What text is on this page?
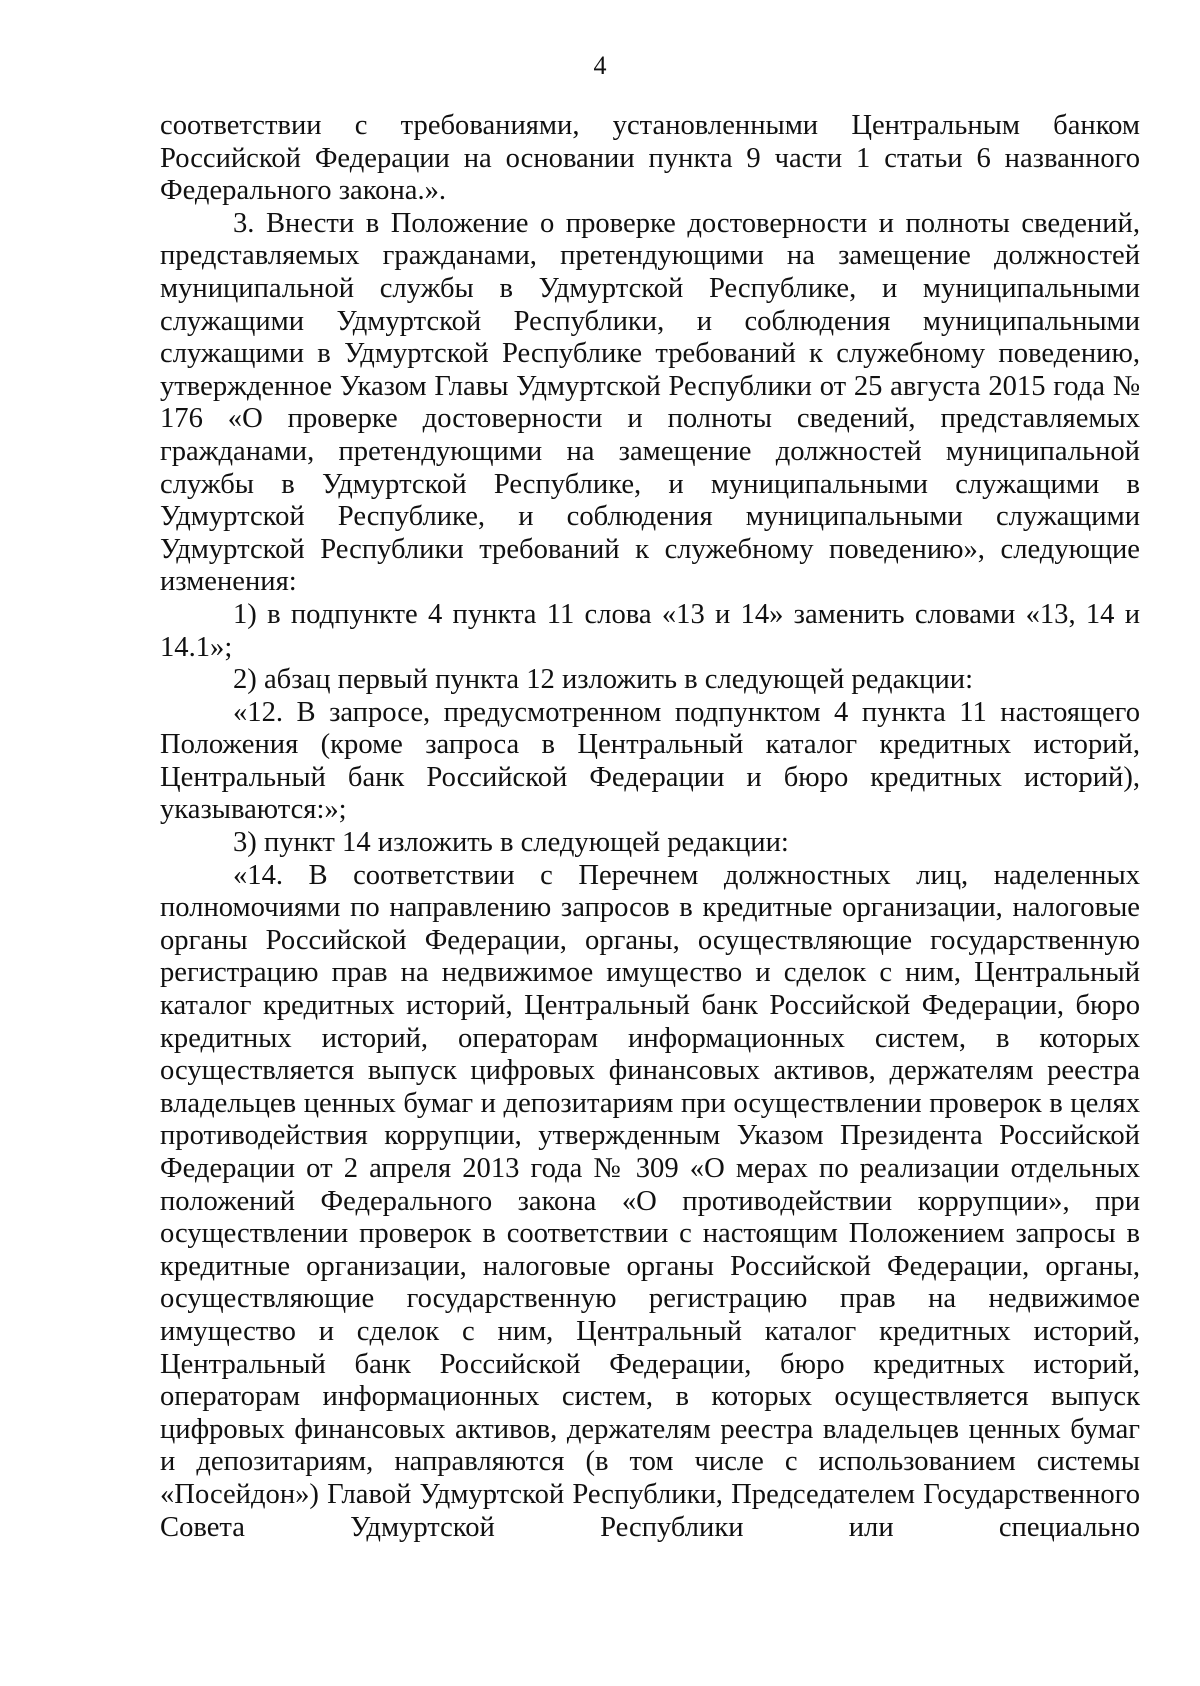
4

соответствии с требованиями, установленными Центральным банком Российской Федерации на основании пункта 9 части 1 статьи 6 названного Федерального закона.».

3. Внести в Положение о проверке достоверности и полноты сведений, представляемых гражданами, претендующими на замещение должностей муниципальной службы в Удмуртской Республике, и муниципальными служащими Удмуртской Республики, и соблюдения муниципальными служащими в Удмуртской Республике требований к служебному поведению, утвержденное Указом Главы Удмуртской Республики от 25 августа 2015 года № 176 «О проверке достоверности и полноты сведений, представляемых гражданами, претендующими на замещение должностей муниципальной службы в Удмуртской Республике, и муниципальными служащими в Удмуртской Республике, и соблюдения муниципальными служащими Удмуртской Республики требований к служебному поведению», следующие изменения:

1) в подпункте 4 пункта 11 слова «13 и 14» заменить словами «13, 14 и 14.1»;

2) абзац первый пункта 12 изложить в следующей редакции:

«12. В запросе, предусмотренном подпунктом 4 пункта 11 настоящего Положения (кроме запроса в Центральный каталог кредитных историй, Центральный банк Российской Федерации и бюро кредитных историй), указываются:»;

3) пункт 14 изложить в следующей редакции:

«14. В соответствии с Перечнем должностных лиц, наделенных полномочиями по направлению запросов в кредитные организации, налоговые органы Российской Федерации, органы, осуществляющие государственную регистрацию прав на недвижимое имущество и сделок с ним, Центральный каталог кредитных историй, Центральный банк Российской Федерации, бюро кредитных историй, операторам информационных систем, в которых осуществляется выпуск цифровых финансовых активов, держателям реестра владельцев ценных бумаг и депозитариям при осуществлении проверок в целях противодействия коррупции, утвержденным Указом Президента Российской Федерации от 2 апреля 2013 года № 309 «О мерах по реализации отдельных положений Федерального закона «О противодействии коррупции», при осуществлении проверок в соответствии с настоящим Положением запросы в кредитные организации, налоговые органы Российской Федерации, органы, осуществляющие государственную регистрацию прав на недвижимое имущество и сделок с ним, Центральный каталог кредитных историй, Центральный банк Российской Федерации, бюро кредитных историй, операторам информационных систем, в которых осуществляется выпуск цифровых финансовых активов, держателям реестра владельцев ценных бумаг и депозитариям, направляются (в том числе с использованием системы «Посейдон») Главой Удмуртской Республики, Председателем Государственного Совета Удмуртской Республики или специально
